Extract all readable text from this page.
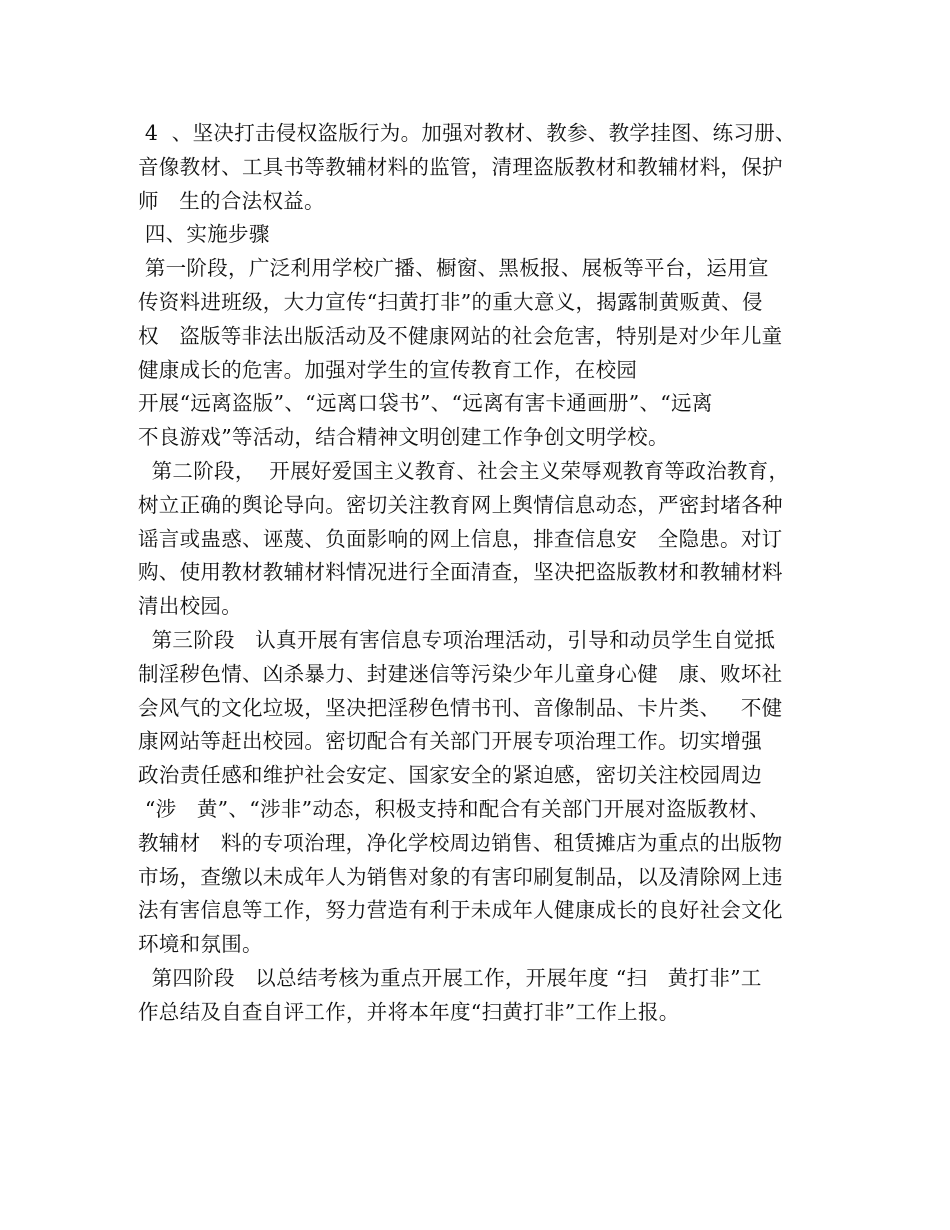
4  、坚决打击侵权盗版行为。加强对教材、教参、教学挂图、练习册、
音像教材、工具书等教辅材料的监管，清理盗版教材和教辅材料，保护
师   生的合法权益。
四、实施步骤
第一阶段，广泛利用学校广播、橱窗、黑板报、展板等平台，运用宣
传资料进班级，大力宣传“扫黄打非”的重大意义，揭露制黄贩黄、侵
权   盗版等非法出版活动及不健康网站的社会危害，特别是对少年儿童
健康成长的危害。加强对学生的宣传教育工作，在校园
开展“远离盗版”、“远离口袋书”、“远离有害卡通画册”、“远离
不良游戏”等活动，结合精神文明创建工作争创文明学校。
第二阶段，  开展好爱国主义教育、社会主义荣辱观教育等政治教育，
树立正确的舆论导向。密切关注教育网上舆情信息动态，严密封堵各种
谣言或蛊惑、诬蔑、负面影响的网上信息，排查信息安   全隐患。对订
购、使用教材教辅材料情况进行全面清查，坚决把盗版教材和教辅材料
清出校园。
第三阶段   认真开展有害信息专项治理活动，引导和动员学生自觉抵
制淫秽色情、凶杀暴力、封建迷信等污染少年儿童身心健   康、败坏社
会风气的文化垃圾，坚决把淫秽色情书刊、音像制品、卡片类、   不健
康网站等赶出校园。密切配合有关部门开展专项治理工作。切实增强
政治责任感和维护社会安定、国家安全的紧迫感，密切关注校园周边
“涉   黄”、“涉非”动态，积极支持和配合有关部门开展对盗版教材、
教辅材   料的专项治理，净化学校周边销售、租赁摊店为重点的出版物
市场，查缴以未成年人为销售对象的有害印刷复制品，以及清除网上违
法有害信息等工作，努力营造有利于未成年人健康成长的良好社会文化
环境和氛围。
第四阶段   以总结考核为重点开展工作，开展年度 “扫   黄打非”工
作总结及自查自评工作，并将本年度“扫黄打非”工作上报。
